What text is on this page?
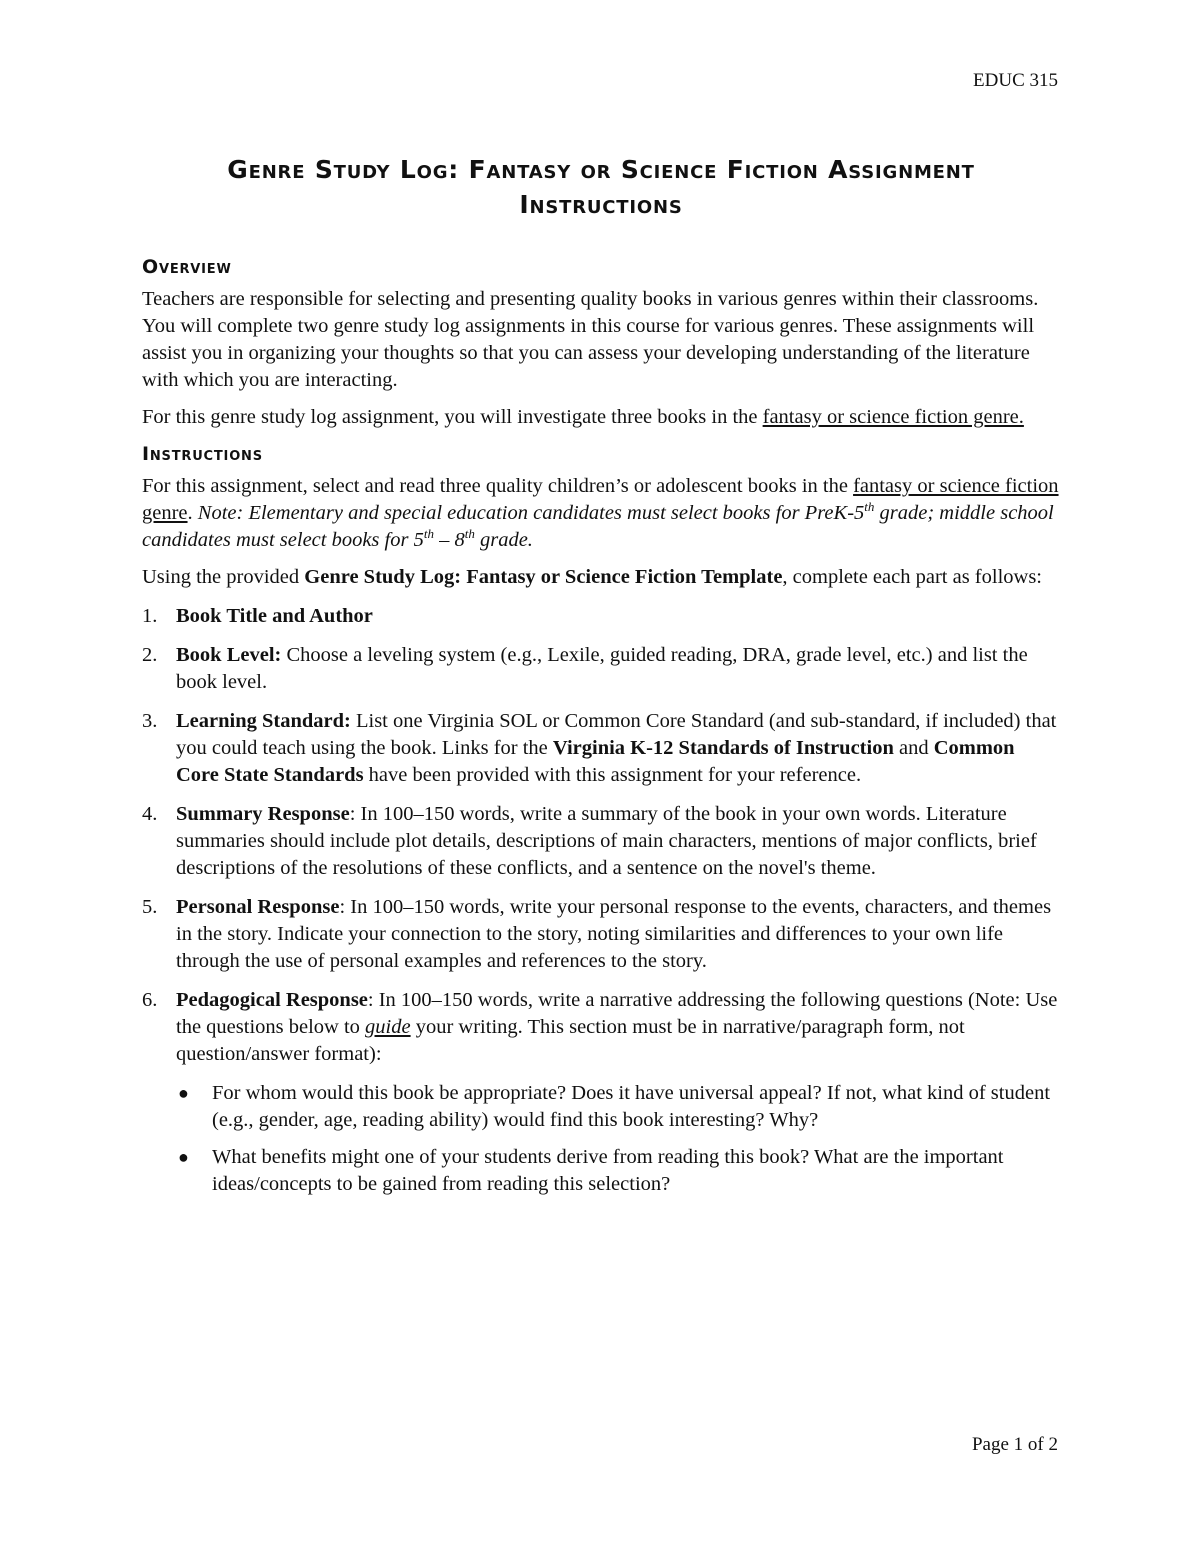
EDUC 315
Genre Study Log: Fantasy or Science Fiction Assignment Instructions
Overview

Teachers are responsible for selecting and presenting quality books in various genres within their classrooms. You will complete two genre study log assignments in this course for various genres. These assignments will assist you in organizing your thoughts so that you can assess your developing understanding of the literature with which you are interacting.

For this genre study log assignment, you will investigate three books in the fantasy or science fiction genre.

Instructions

For this assignment, select and read three quality children’s or adolescent books in the fantasy or science fiction genre. Note: Elementary and special education candidates must select books for PreK-5th grade; middle school candidates must select books for 5th – 8th grade.

Using the provided Genre Study Log: Fantasy or Science Fiction Template, complete each part as follows:

1. Book Title and Author
2. Book Level: Choose a leveling system (e.g., Lexile, guided reading, DRA, grade level, etc.) and list the book level.
3. Learning Standard: List one Virginia SOL or Common Core Standard (and sub-standard, if included) that you could teach using the book. Links for the Virginia K-12 Standards of Instruction and Common Core State Standards have been provided with this assignment for your reference.
4. Summary Response: In 100–150 words, write a summary of the book in your own words. Literature summaries should include plot details, descriptions of main characters, mentions of major conflicts, brief descriptions of the resolutions of these conflicts, and a sentence on the novel's theme.
5. Personal Response: In 100–150 words, write your personal response to the events, characters, and themes in the story. Indicate your connection to the story, noting similarities and differences to your own life through the use of personal examples and references to the story.
6. Pedagogical Response: In 100–150 words, write a narrative addressing the following questions (Note: Use the questions below to guide your writing. This section must be in narrative/paragraph form, not question/answer format):
● For whom would this book be appropriate? Does it have universal appeal? If not, what kind of student (e.g., gender, age, reading ability) would find this book interesting? Why?
● What benefits might one of your students derive from reading this book? What are the important ideas/concepts to be gained from reading this selection?
Page 1 of 2
